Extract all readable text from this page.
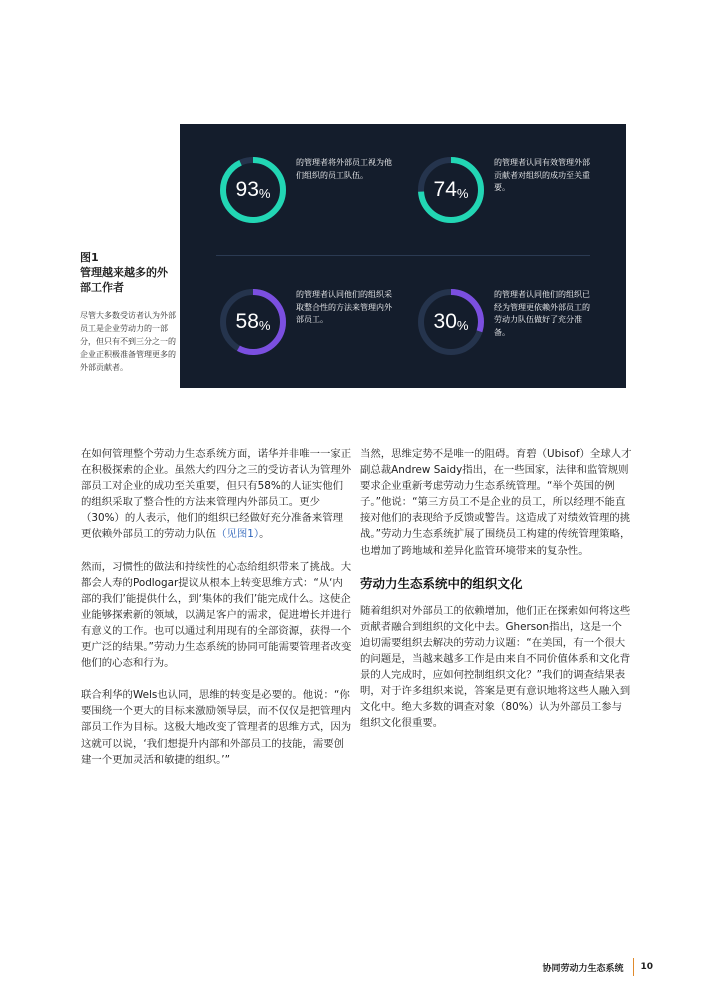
图1

管理越来越多的外部工作者

尽管大多数受访者认为外部员工是企业劳动力的一部分，但只有不到三分之一的企业正积极准备管理更多的外部贡献者。

93 %

的管理者将外部员工视为他们组织的员工队伍。

74 %

的管理者认同有效管理外部贡献者对组织的成功至关重要。

58 %

的管理者认同他们的组织采取整合性的方法来管理内外部员工。	30 %

的管理者认同他们的组织已经为管理更依赖外部员工的劳动力队伍做好了充分准备。

在如何管理整个劳动力生态系统方面，诺华并非唯一一家正在积极探索的企业。虽然大约四分之三的受访者认为管理外部员工对企业的成功至关重要，但只有58%的人证实他们的组织采取了整合性的方法来管理内外部员工。更少（30%）的人表示，他们的组织已经做好充分准备来管理更依赖外部员工的劳动力队伍（见图1）。

然而，习惯性的做法和持续性的心态给组织带来了挑战。大都会人寿的Podlogar提议从根本上转变思维方式：“从‘内部的我们’能提供什么，到‘集体的我们’能完成什么。这使企业能够探索新的领域，以满足客户的需求，促进增长并进行有意义的工作。也可以通过利用现有的全部资源，获得一个更广泛的结果。”劳动力生态系统的协同可能需要管理者改变他们的心态和行为。

联合利华的Wels也认同，思维的转变是必要的。他说：“你要围绕一个更大的目标来激励领导层，而不仅仅是把管理内部员工作为目标。这极大地改变了管理者的思维方式，因为这就可以说，‘我们想提升内部和外部员工的技能，需要创建一个更加灵活和敏捷的组织。’”

当然，思维定势不是唯一的阻碍。育碧（Ubisof）全球人才副总裁Andrew Saidy指出，在一些国家，法律和监管规则要求企业重新考虑劳动力生态系统管理。“举个英国的例子。”他说：“第三方员工不是企业的员工，所以经理不能直接对他们的表现给予反馈或警告。这造成了对绩效管理的挑战。”劳动力生态系统扩展了围绕员工构建的传统管理策略，也增加了跨地域和差异化监管环境带来的复杂性。

劳动力生态系统中的组织文化

随着组织对外部员工的依赖增加，他们正在探索如何将这些贡献者融合到组织的文化中去。Gherson指出，这是一个迫切需要组织去解决的劳动力议题：“在美国，有一个很大的问题是，当越来越多工作是由来自不同价值体系和文化背景的人完成时，应如何控制组织文化？”我们的调查结果表明，对于许多组织来说，答案是更有意识地将这些人融入到文化中。绝大多数的调查对象（80%）认为外部员工参与组织文化很重要。

协同劳动力生态系统 10
